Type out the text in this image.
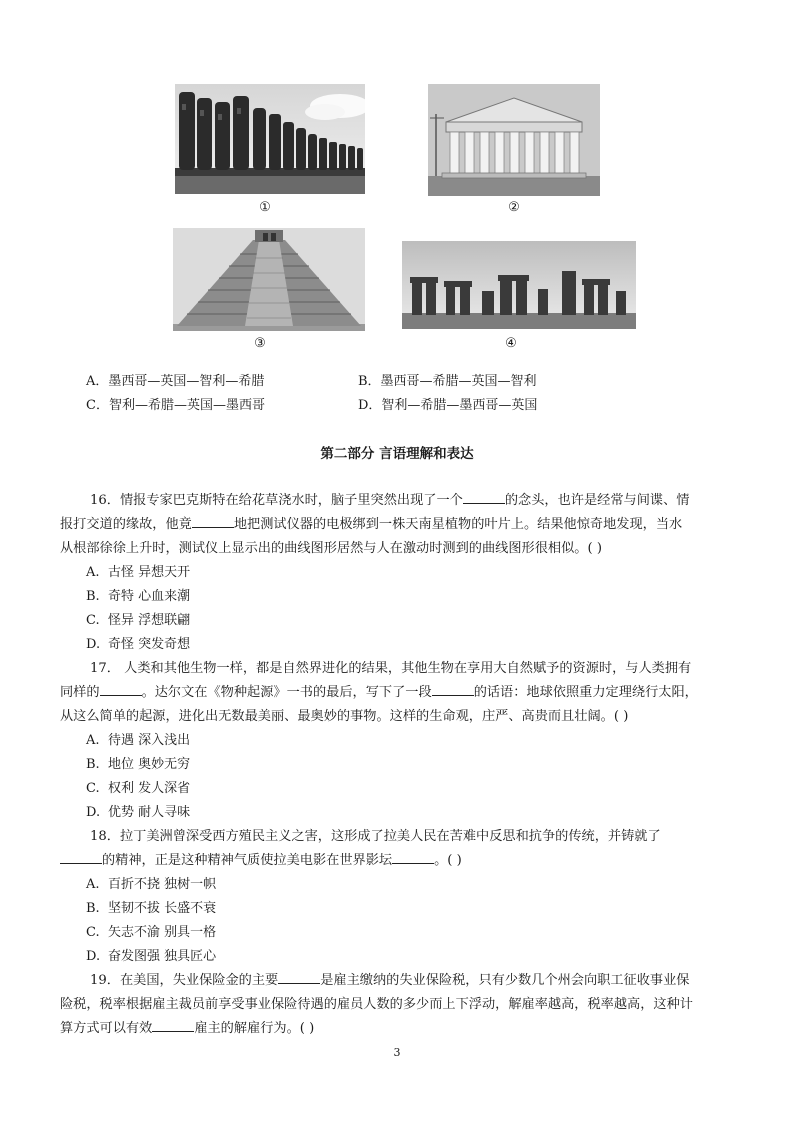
①	②
③	④
A．墨西哥—英国—智利—希腊	B．墨西哥—希腊—英国—智利
C．智利—希腊—英国—墨西哥	D．智利—希腊—墨西哥—英国
第二部分 言语理解和表达
16．情报专家巴克斯特在给花草浇水时，脑子里突然出现了一个	的念头，也许是经常与间谍、情
报打交道的缘故，他竟	地把测试仪器的电极绑到一株天南星植物的叶片上。结果他惊奇地发现，当水
从根部徐徐上升时，测试仪上显示出的曲线图形居然与人在激动时测到的曲线图形很相似。( )
A. 古怪 异想天开
B. 奇特 心血来潮
C. 怪异 浮想联翩
D. 奇怪 突发奇想
17． 人类和其他生物一样，都是自然界进化的结果，其他生物在享用大自然赋予的资源时，与人类拥有
同样的	。达尔文在《物种起源》一书的最后，写下了一段	的话语：地球依照重力定理绕行太阳，
从这么简单的起源，进化出无数最美丽、最奥妙的事物。这样的生命观，庄严、高贵而且壮阔。( )
A. 待遇 深入浅出
B. 地位 奥妙无穷
C. 权利 发人深省
D. 优势 耐人寻味
18．拉丁美洲曾深受西方殖民主义之害，这形成了拉美人民在苦难中反思和抗争的传统，并铸就了
的精神，正是这种精神气质使拉美电影在世界影坛	。( )
A. 百折不挠 独树一帜
B. 坚韧不拔 长盛不衰
C. 矢志不渝 别具一格
D. 奋发图强 独具匠心
19．在美国，失业保险金的主要	是雇主缴纳的失业保险税，只有少数几个州会向职工征收事业保
险税，税率根据雇主裁员前享受事业保险待遇的雇员人数的多少而上下浮动，解雇率越高，税率越高，这种计
算方式可以有效	雇主的解雇行为。( )
3
